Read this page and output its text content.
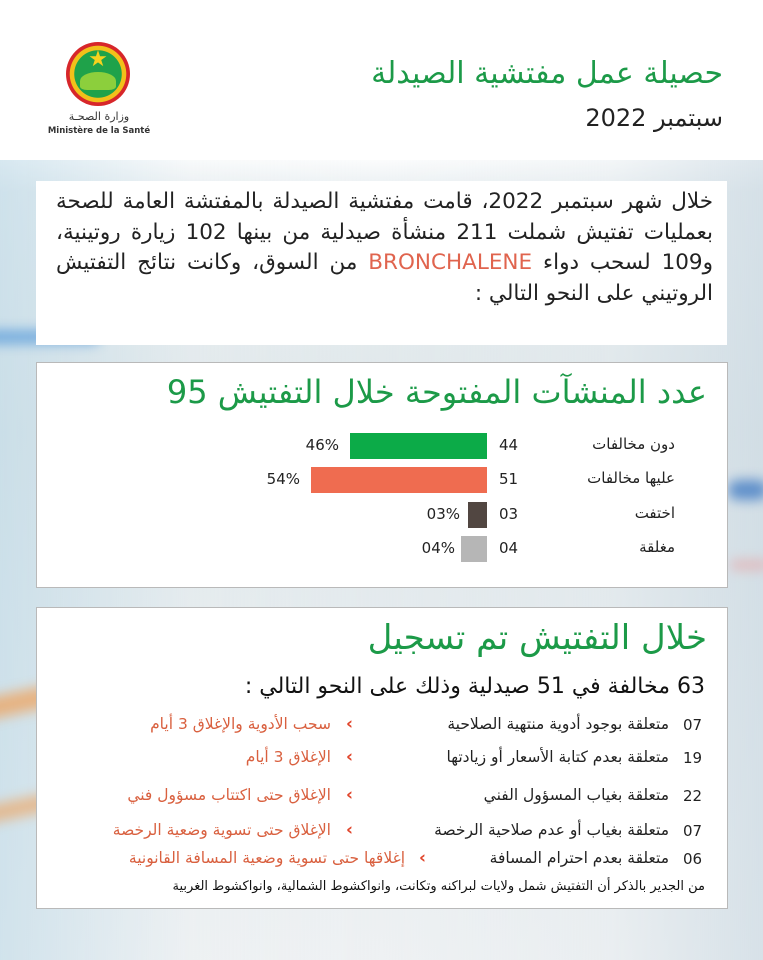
★
وزارة الصحـة
Ministère de la Santé
حصيلة عمل مفتشية الصيدلة
سبتمبر 2022
خلال شهر سبتمبر 2022، قامت مفتشية الصيدلة بالمفتشة العامة للصحة بعمليات تفتيش شملت 211 منشأة صيدلية من بينها 102 زيارة روتينية، و109 لسحب دواء BRONCHALENE من السوق، وكانت نتائج التفتيش الروتيني على النحو التالي :
عدد المنشآت المفتوحة خلال التفتيش 95
دون مخالفات
44
46%
عليها مخالفات
51
54%
اختفت
03
03%
مغلقة
04
04%
خلال التفتيش تم تسجيل
63 مخالفة في 51 صيدلية وذلك على النحو التالي :
07
متعلقة بوجود أدوية منتهية الصلاحية
‹
سحب الأدوية والإغلاق 3 أيام
19
متعلقة بعدم كتابة الأسعار أو زيادتها
‹
الإغلاق 3 أيام
22
متعلقة بغياب المسؤول الفني
‹
الإغلاق حتى اكتتاب مسؤول فني
07
متعلقة بغياب أو عدم صلاحية الرخصة
‹
الإغلاق حتى تسوية وضعية الرخصة
06
متعلقة بعدم احترام المسافة
‹
إغلاقها حتى تسوية وضعية المسافة القانونية
من الجدير بالذكر أن التفتيش شمل ولايات لبراكنه وتكانت، وانواكشوط الشمالية، وانواكشوط الغربية
